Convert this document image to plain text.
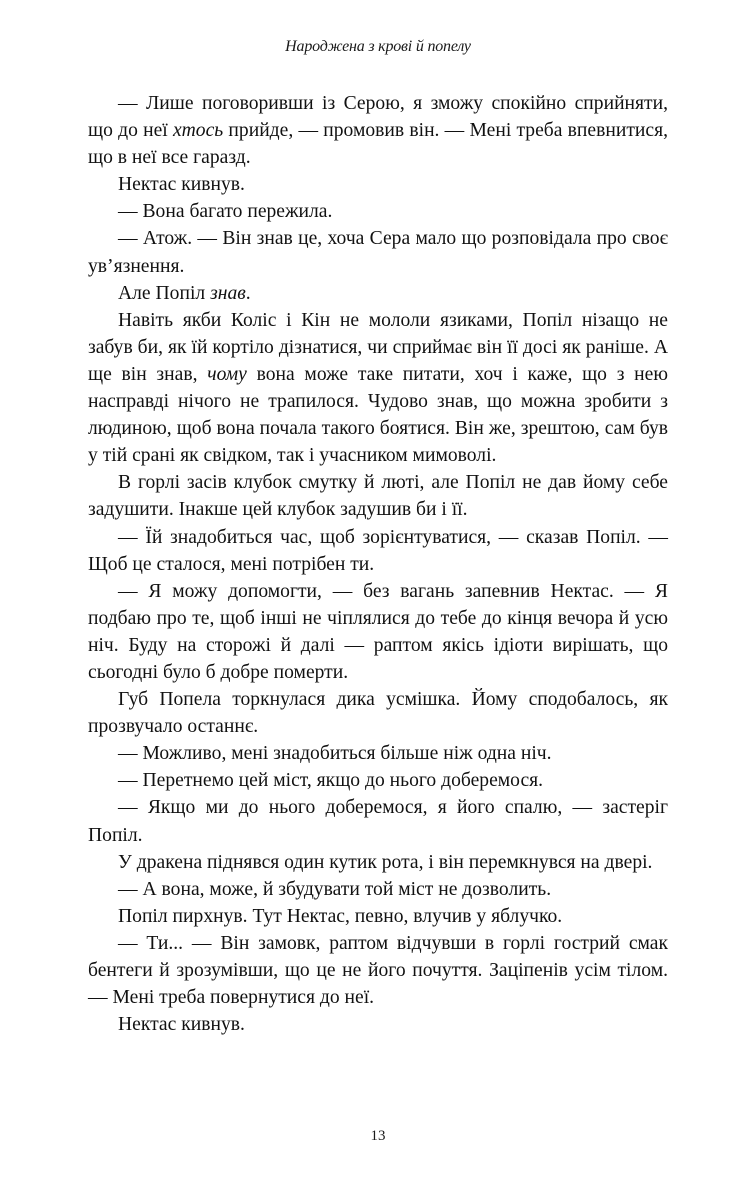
Народжена з крові й попелу

— Лише поговоривши із Серою, я зможу спокійно сприйняти, що до неї хтось прийде, — промовив він. — Мені треба впевнитися, що в неї все гаразд.

Нектас кивнув.

— Вона багато пережила.

— Атож. — Він знав це, хоча Сера мало що розповідала про своє ув’язнення.

Але Попіл знав.

Навіть якби Коліс і Кін не мололи язиками, Попіл нізащо не забув би, як їй кортіло дізнатися, чи сприймає він її досі як раніше. А ще він знав, чому вона може таке питати, хоч і каже, що з нею насправді нічого не трапилося. Чудово знав, що можна зробити з людиною, щоб вона почала такого боятися. Він же, зрештою, сам був у тій срані як свідком, так і учасником мимоволі.

В горлі засів клубок смутку й люті, але Попіл не дав йому себе задушити. Інакше цей клубок задушив би і її.

— Їй знадобиться час, щоб зорієнтуватися, — сказав Попіл. — Щоб це сталося, мені потрібен ти.

— Я можу допомогти, — без вагань запевнив Нектас. — Я подбаю про те, щоб інші не чіплялися до тебе до кінця вечора й усю ніч. Буду на сторожі й далі — раптом якісь ідіоти вирішать, що сьогодні було б добре померти.

Губ Попела торкнулася дика усмішка. Йому сподобалось, як прозвучало останнє.

— Можливо, мені знадобиться більше ніж одна ніч.

— Перетнемо цей міст, якщо до нього доберемося.

— Якщо ми до нього доберемося, я його спалю, — застеріг Попіл.

У дракена піднявся один кутик рота, і він перемкнувся на двері.

— А вона, може, й збудувати той міст не дозволить.

Попіл пирхнув. Тут Нектас, певно, влучив у яблучко.

— Ти... — Він замовк, раптом відчувши в горлі гострий смак бентеги й зрозумівши, що це не його почуття. Заціпенів усім тілом. — Мені треба повернутися до неї.

Нектас кивнув.

13
